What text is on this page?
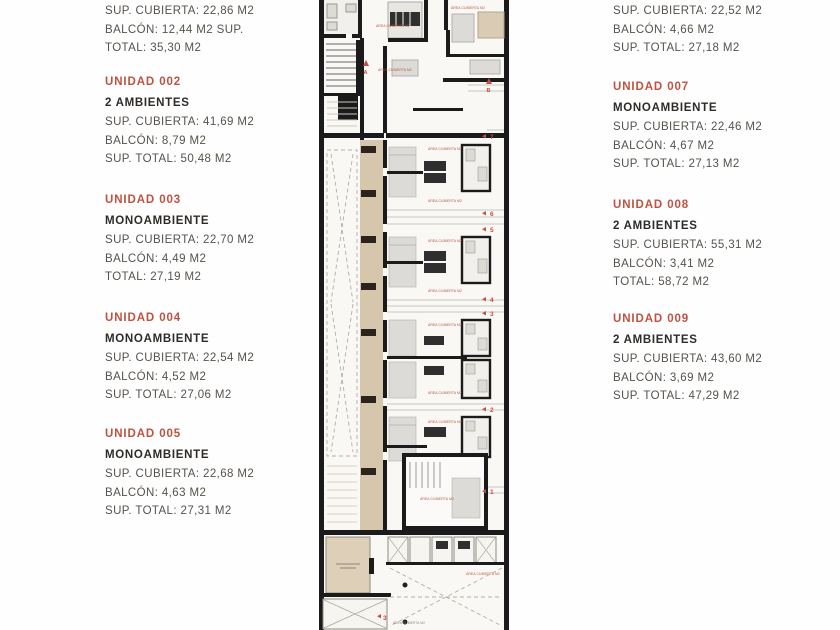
SUP. CUBIERTA: 22,86 M2
BALCÓN: 12,44 M2 SUP.
TOTAL: 35,30 M2
UNIDAD 002
2 AMBIENTES
SUP. CUBIERTA: 41,69 M2
BALCÓN: 8,79 M2
SUP. TOTAL: 50,48 M2
UNIDAD 003
MONOAMBIENTE
SUP. CUBIERTA: 22,70 M2
BALCÓN: 4,49 M2
TOTAL: 27,19 M2
UNIDAD 004
MONOAMBIENTE
SUP. CUBIERTA: 22,54 M2
BALCÓN: 4,52 M2
SUP. TOTAL: 27,06 M2
UNIDAD 005
MONOAMBIENTE
SUP. CUBIERTA: 22,68 M2
BALCÓN: 4,63 M2
SUP. TOTAL: 27,31 M2
SUP. CUBIERTA: 22,52 M2
BALCÓN: 4,66 M2
SUP. TOTAL: 27,18 M2
UNIDAD 007
MONOAMBIENTE
SUP. CUBIERTA: 22,46 M2
BALCÓN: 4,67 M2
SUP. TOTAL: 27,13 M2
UNIDAD 008
2 AMBIENTES
SUP. CUBIERTA: 55,31 M2
BALCÓN: 3,41 M2
TOTAL: 58,72 M2
UNIDAD 009
2 AMBIENTES
SUP. CUBIERTA: 43,60 M2
BALCÓN: 3,69 M2
SUP. TOTAL: 47,29 M2
ÁREA CUBIERTA M2
ÁREA CUBIERTA M2
ÁREA CUBIERTA M2
A
B
ÁREA CUBIERTA M2
ÁREA CUBIERTA M2
ÁREA CUBIERTA M2
ÁREA CUBIERTA M2
ÁREA CUBIERTA M2
ÁREA CUBIERTA M2
ÁREA CUBIERTA M2
ÁREA CUBIERTA M2
7
6
5
4
3
2
1
ÁREA CUBIERTA M2
ÁREA CUBIERTA M2
3
